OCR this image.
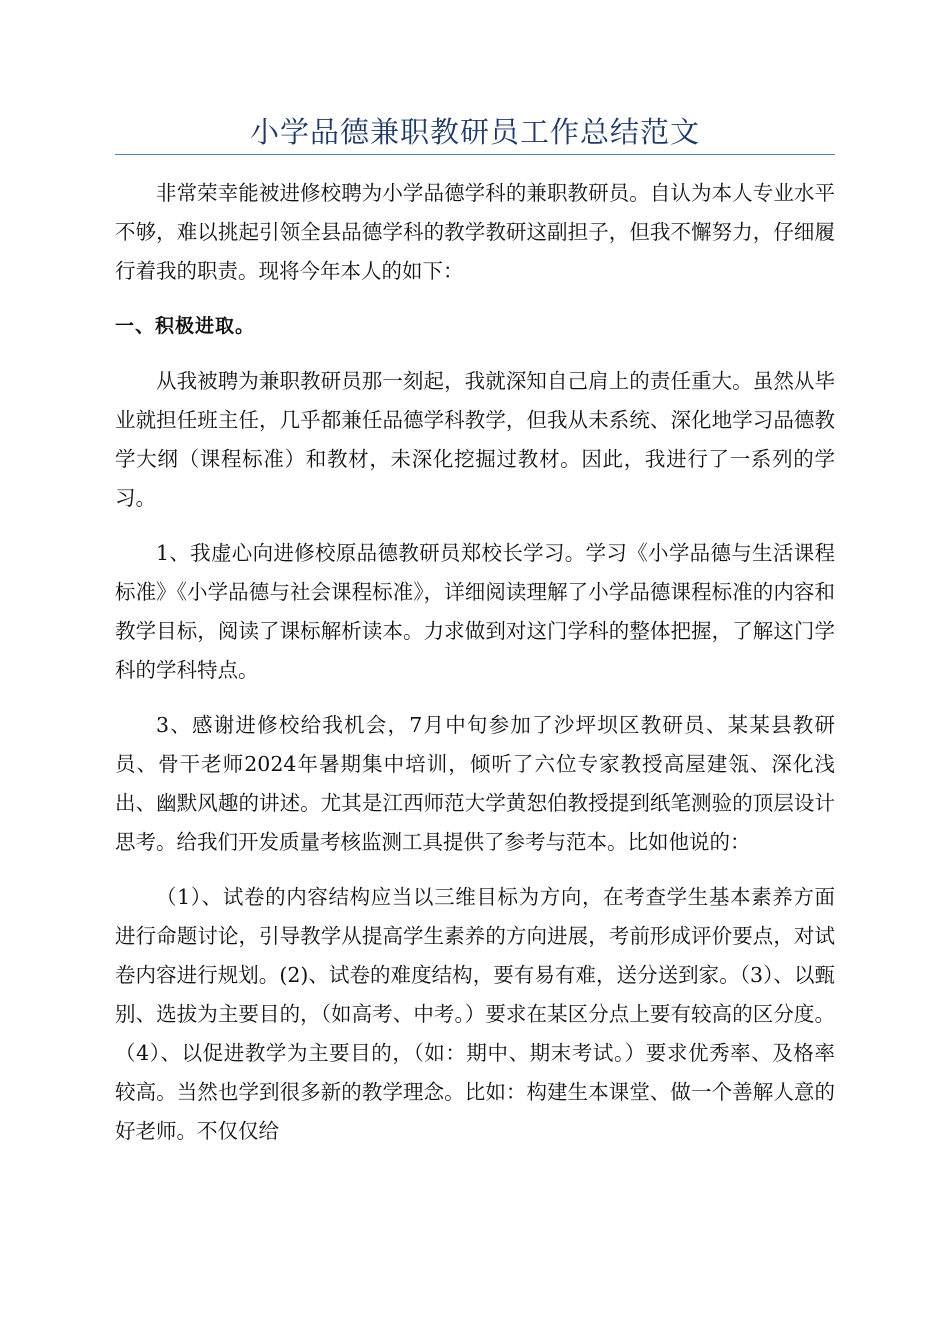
小学品德兼职教研员工作总结范文

非常荣幸能被进修校聘为小学品德学科的兼职教研员。自认为本人专业水平不够，难以挑起引领全县品德学科的教学教研这副担子，但我不懈努力，仔细履行着我的职责。现将今年本人的如下：

一、积极进取。

从我被聘为兼职教研员那一刻起，我就深知自己肩上的责任重大。虽然从毕业就担任班主任，几乎都兼任品德学科教学，但我从未系统、深化地学习品德教学大纲（课程标准）和教材，未深化挖掘过教材。因此，我进行了一系列的学习。

1、我虚心向进修校原品德教研员郑校长学习。学习《小学品德与生活课程标准》《小学品德与社会课程标准》，详细阅读理解了小学品德课程标准的内容和教学目标，阅读了课标解析读本。力求做到对这门学科的整体把握，了解这门学科的学科特点。

3、感谢进修校给我机会，7月中旬参加了沙坪坝区教研员、某某县教研员、骨干老师2024年暑期集中培训，倾听了六位专家教授高屋建瓴、深化浅出、幽默风趣的讲述。尤其是江西师范大学黄恕伯教授提到纸笔测验的顶层设计思考。给我们开发质量考核监测工具提供了参考与范本。比如他说的：

（1）、试卷的内容结构应当以三维目标为方向，在考查学生基本素养方面进行命题讨论，引导教学从提高学生素养的方向进展，考前形成评价要点，对试卷内容进行规划。(2)、试卷的难度结构，要有易有难，送分送到家。（3）、以甄别、选拔为主要目的，（如高考、中考。）要求在某区分点上要有较高的区分度。（4）、以促进教学为主要目的，（如：期中、期末考试。）要求优秀率、及格率较高。当然也学到很多新的教学理念。比如：构建生本课堂、做一个善解人意的好老师。不仅仅给
